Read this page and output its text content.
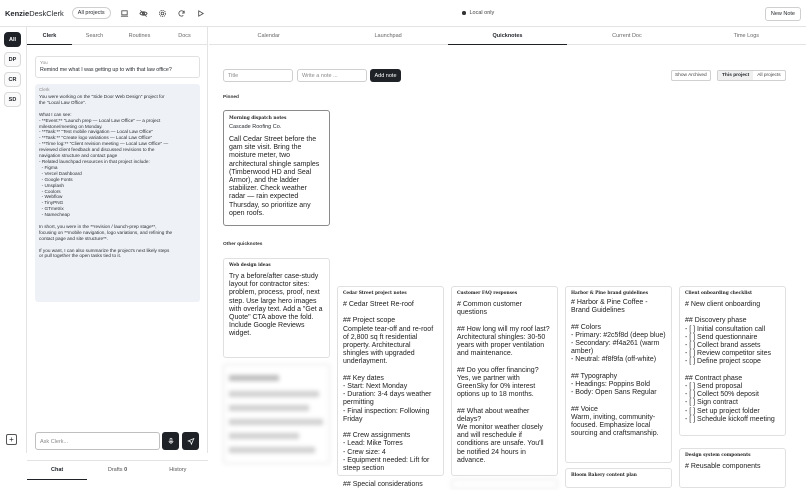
KenzieDeskClerk	All projects	Local only	New Note
All
DP
CR
SD
+
Clerk	Search	Routines	Docs
You
Remind me what I was getting up to with that law office?
Clerk
You were working on the "Side Door Web Design" project for
the "Local Law Office".

What I can see:
- **Event:** "Launch prep — Local Law Office" — a project
milestone/meeting on Monday.
- **Task:** "Test mobile navigation — Local Law Office"
- **Task:** "Create logo variations — Local Law Office"
- **Time log:** "Client revision meeting — Local Law Office" —
reviewed client feedback and discussed revisions to the
navigation structure and contact page
- Related launchpad resources in that project include:
- Figma
- Vercel Dashboard
- Google Fonts
- Unsplash
- Coolors
- Webflow
- TinyPNG
- GTmetrix
- Namecheap

In short, you were in the **revision / launch-prep stage**,
focusing on **mobile navigation, logo variations, and refining the
contact page and site structure**.

If you want, I can also summarize the project's next likely steps
or pull together the open tasks tied to it.
Ask Clerk...
Chat	Drafts 0	History
Calendar	Launchpad	Quicknotes	Current Doc	Time Logs
Title	Write a note ...	Add note	Show Archived	This project	All projects
Pinned
Morning dispatch notes
Cascade Roofing Co.
Call Cedar Street before the gam site visit. Bring the moisture meter, two architectural shingle samples (Timberwood HD and Seal Armor), and the ladder stabilizer. Check weather radar — rain expected Thursday, so prioritize any open roofs.
Other quicknotes
Web design ideas
Try a before/after case-study layout for contractor sites: problem, process, proof, next step. Use large hero images with overlay text. Add a "Get a Quote" CTA above the fold. Include Google Reviews widget.
Cedar Street project notes
# Cedar Street Re-roof

## Project scope
Complete tear-off and re-roof of 2,800 sq ft residential property. Architectural shingles with upgraded underlayment.

## Key dates
- Start: Next Monday
- Duration: 3-4 days weather permitting
- Final inspection: Following Friday

## Crew assignments
- Lead: Mike Torres
- Crew size: 4
- Equipment needed: Lift for steep section

## Special considerations
Customer FAQ responses
# Common customer questions

## How long will my roof last?
Architectural shingles: 30-50 years with proper ventilation and maintenance.

## Do you offer financing?
Yes, we partner with GreenSky for 0% interest options up to 18 months.

## What about weather delays?
We monitor weather closely and will reschedule if conditions are unsafe. You'll be notified 24 hours in advance.
Harbor & Pine brand guidelines
# Harbor & Pine Coffee - Brand Guidelines

## Colors
- Primary: #2c5f8d (deep blue)
- Secondary: #f4a261 (warm amber)
- Neutral: #f8f9fa (off-white)

## Typography
- Headings: Poppins Bold
- Body: Open Sans Regular

## Voice
Warm, inviting, community-focused. Emphasize local sourcing and craftsmanship.
Bloom Bakery content plan
Client onboarding checklist
# New client onboarding

## Discovery phase
- [ ] Initial consultation call
- [ ] Send questionnaire
- [ ] Collect brand assets
- [ ] Review competitor sites
- [ ] Define project scope

## Contract phase
- [ ] Send proposal
- [ ] Collect 50% deposit
- [ ] Sign contract
- [ ] Set up project folder
- [ ] Schedule kickoff meeting
Design system components
# Reusable components
